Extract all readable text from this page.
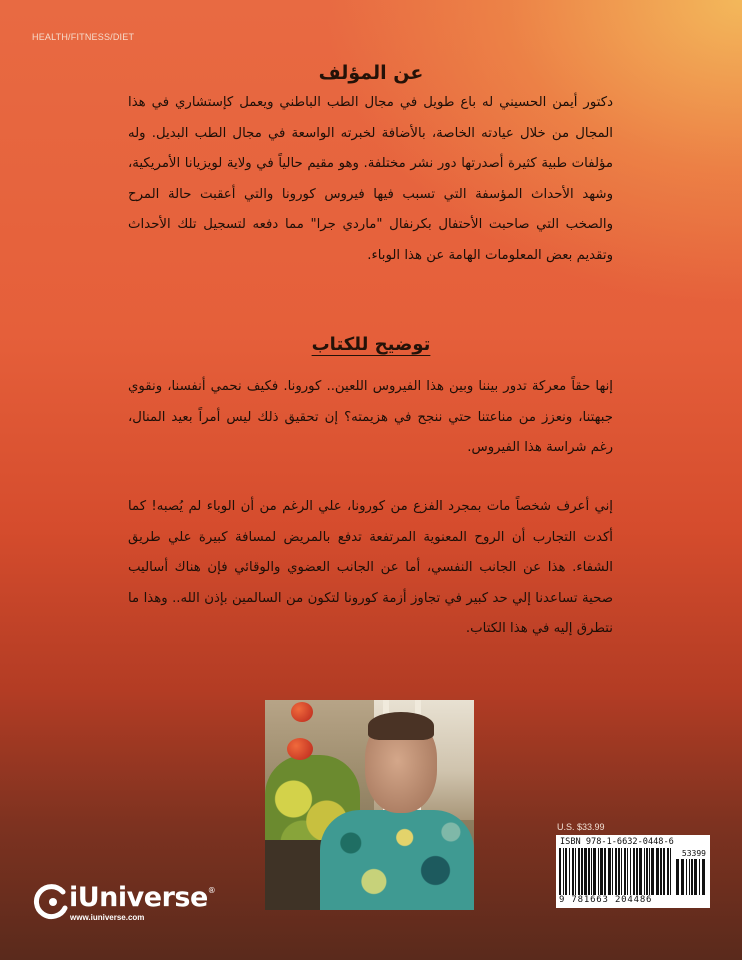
HEALTH/FITNESS/DIET
عن المؤلف

دكتور أيمن الحسيني له باع طويل في مجال الطب الباطني ويعمل كإستشاري في هذا المجال من خلال عيادته الخاصة، بالأضافة لخبرته الواسعة في مجال الطب البديل. وله مؤلفات طبية كثيرة أصدرتها دور نشر مختلفة. وهو مقيم حالياً في ولاية لويزيانا الأمريكية، وشهد الأحداث المؤسفة التي تسبب فيها فيروس كورونا والتي أعقبت حالة المرح والصخب التي صاحبت الأحتفال بكرنفال "ماردي جرا" مما دفعه لتسجيل تلك الأحداث وتقديم بعض المعلومات الهامة عن هذا الوباء.

توضيح للكتاب

إنها حقاً معركة تدور بيننا وبين هذا الفيروس اللعين.. كورونا. فكيف نحمي أنفسنا، ونقوي جبهتنا، ونعزز من مناعتنا حتي ننجح في هزيمته؟ إن تحقيق ذلك ليس أمراً بعيد المنال، رغم شراسة هذا الفيروس.

إني أعرف شخصاً مات بمجرد الفزع من كورونا، علي الرغم من أن الوباء لم يُصبه! كما أكدت التجارب أن الروح المعنوية المرتفعة تدفع بالمريض لمسافة كبيرة علي طريق الشفاء. هذا عن الجانب النفسي، أما عن الجانب العضوي والوقائي فإن هناك أساليب صحية تساعدنا إلي حد كبير في تجاوز أزمة كورونا لتكون من السالمين بإذن الله.. وهذا ما نتطرق إليه في هذا الكتاب.

U.S. $33.99
ISBN 978-1-6632-0448-6
53399
9 781663 204486
iUniverse®
www.iuniverse.com
